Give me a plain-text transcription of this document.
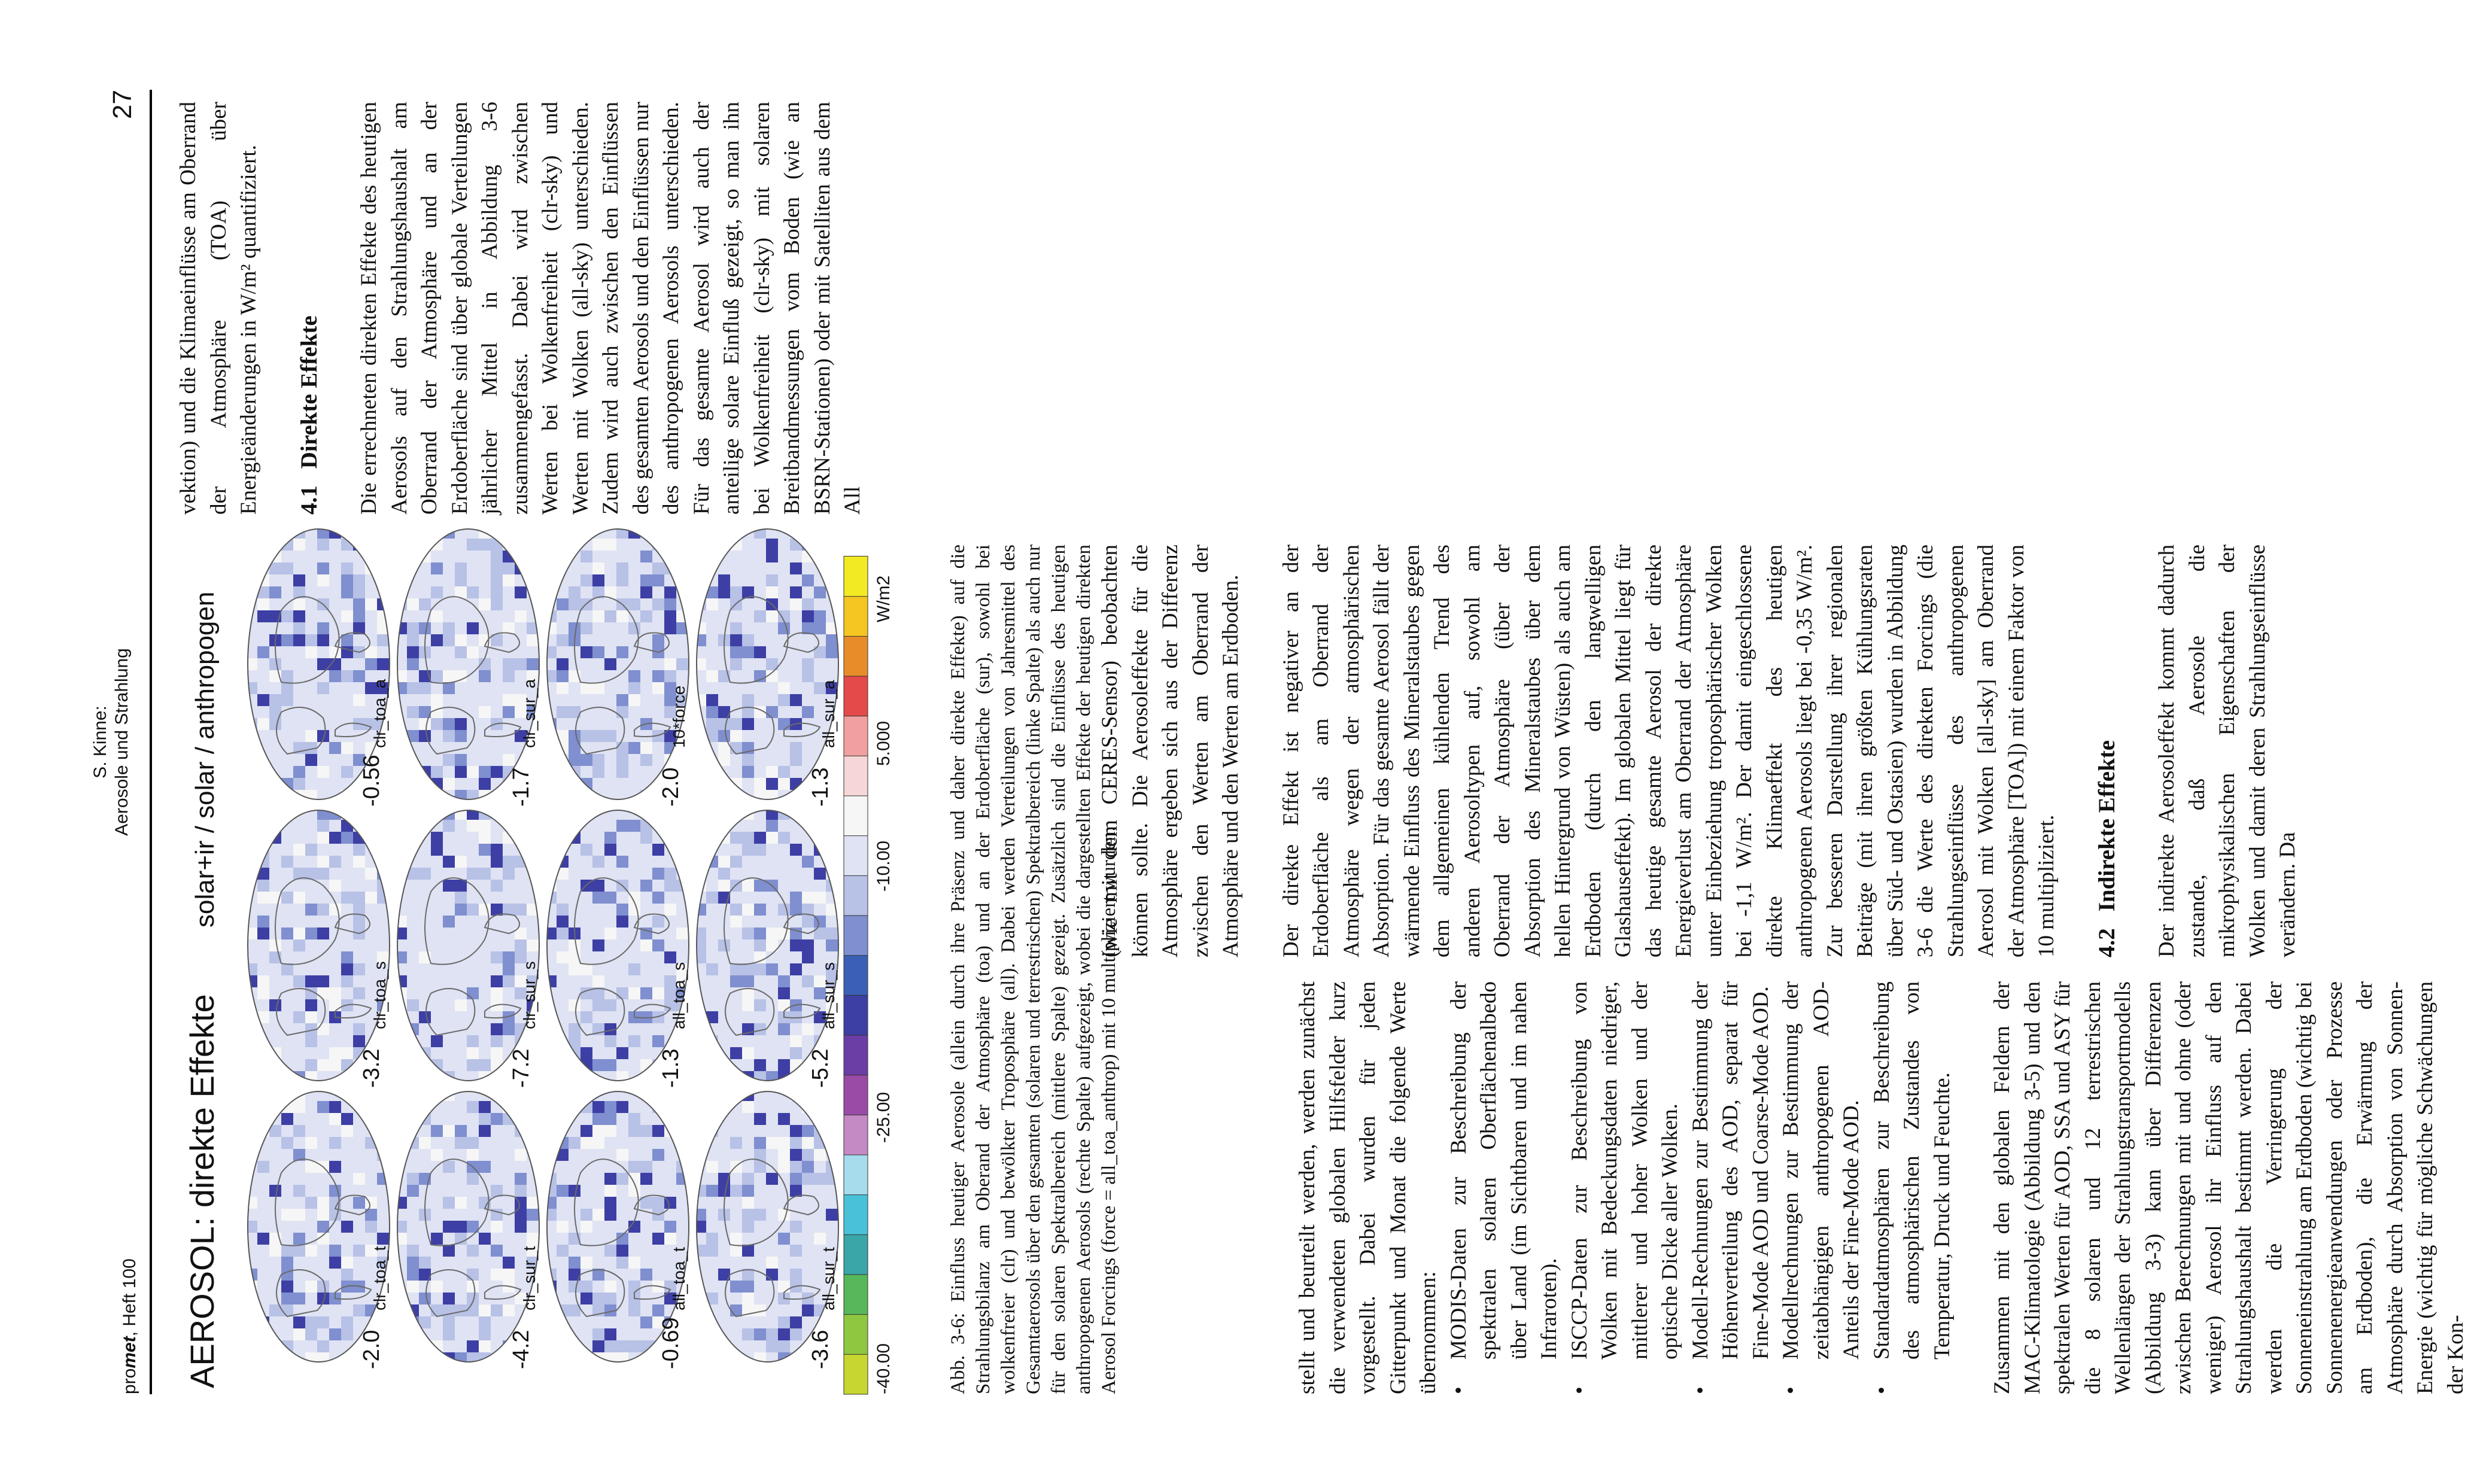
promet, Heft 100
S. Kinne: Aerosole und Strahlung
27
AEROSOL: direkte Effekte
solar+ir / solar / anthropogen
-2.0
clr_toa_t
-3.2
clr_toa_s
-0.56
clr_toa_a
-4.2
clr_sur_t
-7.2
clr_sur_s
-1.7
clr_sur_a
-0.69
all_toa_t
-1.3
all_toa_s
-2.0
10*force
-3.6
all_sur_t
-5.2
all_sur_s
-1.3
all_sur_a
-40.00
-25.00
-10.00
5.000
W/m2	Abb. 3-6: Einfluss heutiger Aerosole (allein durch ihre Präsenz und daher direkte Effekte) auf die Strahlungsbilanz am Oberand der Atmosphäre (toa) und an der Erdoberfläche (sur), sowohl bei wolkenfreier (clr) und bewölkter Troposphäre (all). Dabei werden Verteilungen von Jahresmittel des Gesamtaerosols über den gesamten (solaren und terrestrischen) Spektralbereich (linke Spalte) als auch nur für den solaren Spektralbereich (mittlere Spalte) gezeigt. Zusätzlich sind die Einflüsse des heutigen anthropogenen Aerosols (rechte Spalte) aufgezeigt, wobei die dargestellten Effekte der heutigen direkten Aerosol Forcings (force = all_toa_anthrop) mit 10 multipliziert wurden.	stellt und beurteilt werden, werden zunächst die verwendeten globalen Hilfsfelder kurz vorgestellt. Dabei wurden für jeden Gitterpunkt und Monat die folgende Werte übernommen: • MODIS-Daten zur Beschreibung der spektralen solaren Oberflächenalbedo über Land (im Sichtbaren und im nahen Infraroten). • ISCCP-Daten zur Beschreibung von Wolken mit Bedeckungsdaten niedriger, mittlerer und hoher Wolken und der optische Dicke aller Wolken. • Modell-Rechnungen zur Bestimmung der Höhenverteilung des AOD, separat für Fine-Mode AOD und Coarse-Mode AOD. • Modellrechnungen zur Bestimmung der zeitabhängigen anthropogenen AOD-Anteils der Fine-Mode AOD. • Standardatmosphären zur Beschreibung des atmosphärischen Zustandes von Temperatur, Druck und Feuchte. Zusammen mit den globalen Feldern der MAC-Klimatologie (Abbildung 3-5) und den spektralen Werten für AOD, SSA und ASY für die 8 solaren und 12 terrestrischen Wellenlängen der Strahlungstransportmodells (Abbildung 3-3) kann über Differenzen zwischen Berechnungen mit und ohne (oder weniger) Aerosol ihr Einfluss auf den Strahlungshaushalt bestimmt werden. Dabei werden die Verringerung der Sonneneinstrahlung am Erdboden (wichtig bei Sonnenenergieanwendungen oder Prozesse am Erdboden), die Erwärmung der Atmosphäre durch Absorption von Sonnen-Energie (wichtig für mögliche Schwächungen der Kon-

(wie mit dem CERES-Sensor) beobachten können sollte. Die Aerosoleffekte für die Atmosphäre ergeben sich aus der Differenz zwischen den Werten am Oberrand der Atmosphäre und den Werten am Erdboden. Der direkte Effekt ist negativer an der Erdoberfläche als am Oberrand der Atmosphäre wegen der atmosphärischen Absorption. Für das gesamte Aerosol fällt der wärmende Einfluss des Mineralstaubes gegen dem allgemeinen kühlenden Trend des anderen Aerosoltypen auf, sowohl am Oberrand der Atmosphäre (über der Absorption des Mineralstaubes über dem hellen Hintergrund von Wüsten) als auch am Erdboden (durch den langwelligen Glashauseffekt). Im globalen Mittel liegt für das heutige gesamte Aerosol der direkte Energieverlust am Oberrand der Atmosphäre unter Einbeziehung troposphärischer Wolken bei -1,1 W/m². Der damit eingeschlossene direkte Klimaeffekt des heutigen anthropogenen Aerosols liegt bei -0,35 W/m². Zur besseren Darstellung ihrer regionalen Beiträge (mit ihren größten Kühlungsraten über Süd- und Ostasien) wurden in Abbildung 3-6 die Werte des direkten Forcings (die Strahlungseinflüsse des anthropogenen Aerosol mit Wolken [all-sky] am Oberrand der Atmosphäre [TOA]) mit einem Faktor von 10 multipliziert. 4.2Indirekte Effekte Der indirekte Aerosoleffekt kommt dadurch zustande, daß Aerosole die mikrophysikalischen Eigenschaften der Wolken und damit deren Strahlungseinflüsse verändern. Da

vektion) und die Klimaeinflüsse am Oberrand der Atmosphäre (TOA) über Energieänderungen in W/m² quantifiziert. 4.1Direkte Effekte Die errechneten direkten Effekte des heutigen Aerosols auf den Strahlungshaushalt am Oberrand der Atmosphäre und an der Erdoberfläche sind über globale Verteilungen jährlicher Mittel in Abbildung 3-6 zusammengefasst. Dabei wird zwischen Werten bei Wolkenfreiheit (clr-sky) und Werten mit Wolken (all-sky) unterschieden. Zudem wird auch zwischen den Einflüssen des gesamten Aerosols und den Einflüssen nur des anthropogenen Aerosols unterschieden. Für das gesamte Aerosol wird auch der anteilige solare Einfluß gezeigt, so man ihn bei Wolkenfreiheit (clr-sky) mit solaren Breitbandmessungen vom Boden (wie an BSRN-Stationen) oder mit Satelliten aus dem All
